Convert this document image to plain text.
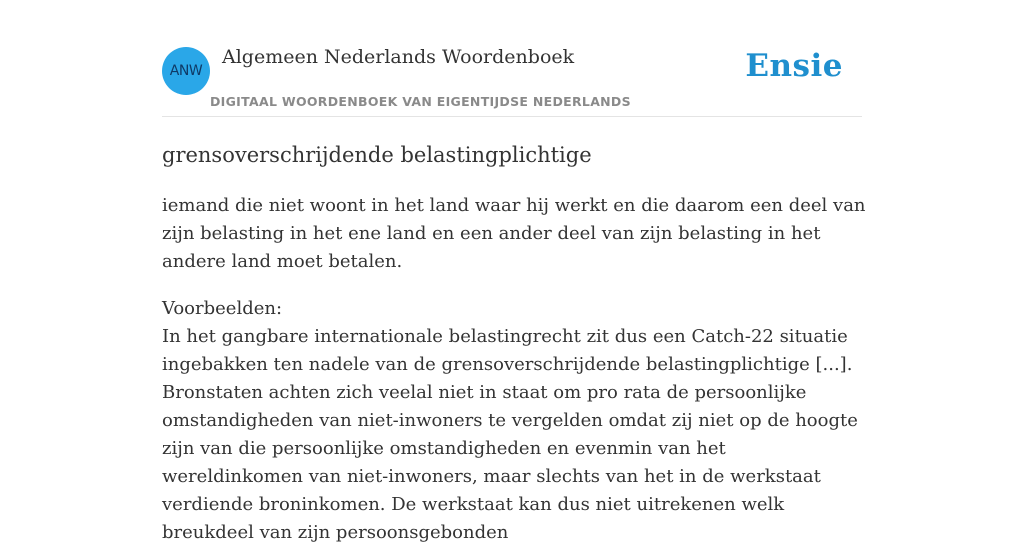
ANW
Algemeen Nederlands Woordenboek
DIGITAAL WOORDENBOEK VAN EIGENTIJDSE NEDERLANDS
Ensie
grensoverschrijdende belastingplichtige

iemand die niet woont in het land waar hij werkt en die daarom een deel van zijn belasting in het ene land en een ander deel van zijn belasting in het andere land moet betalen.

Voorbeelden:

In het gangbare internationale belastingrecht zit dus een Catch-22 situatie ingebakken ten nadele van de grensoverschrijdende belastingplichtige [...]. Bronstaten achten zich veelal niet in staat om pro rata de persoonlijke omstandigheden van niet-inwoners te vergelden omdat zij niet op de hoogte zijn van die persoonlijke omstandigheden en evenmin van het wereldinkomen van niet-inwoners, maar slechts van het in de werkstaat verdiende broninkomen. De werkstaat kan dus niet uitrekenen welk breukdeel van zijn persoonsgebonden
